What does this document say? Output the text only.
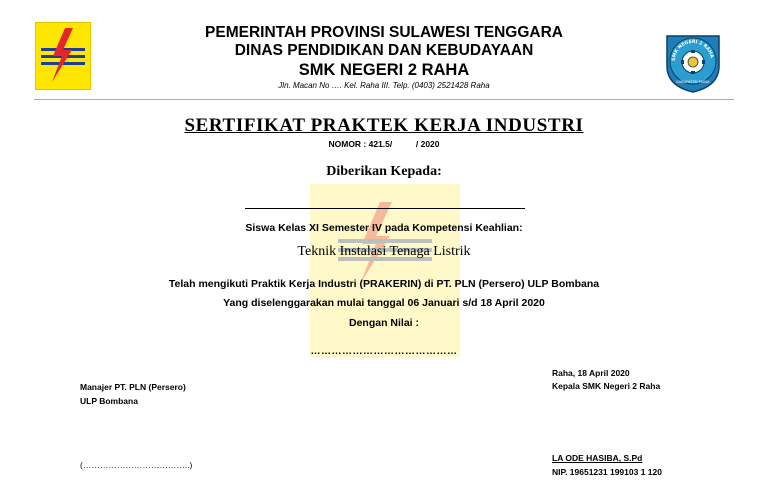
SMK NEGERI 2 RAHA
KABUPATEN MUNA
PEMERINTAH PROVINSI SULAWESI TENGGARA
DINAS PENDIDIKAN DAN KEBUDAYAAN
SMK NEGERI 2 RAHA
Jln. Macan No …. Kel. Raha III. Telp. (0403) 2521428 Raha
SERTIFIKAT PRAKTEK KERJA INDUSTRI
NOMOR : 421.5/          / 2020
Diberikan Kepada:
Siswa Kelas XI Semester IV pada Kompetensi Keahlian:
Teknik Instalasi Tenaga Listrik
Telah mengikuti Praktik Kerja Industri (PRAKERIN) di PT. PLN (Persero) ULP Bombana
Yang diselenggarakan mulai tanggal 06 Januari s/d 18 April 2020
Dengan Nilai :
……………………………………
Raha, 18 April 2020
Kepala SMK Negeri 2 Raha
Manajer PT. PLN (Persero)
ULP Bombana
LA ODE HASIBA, S.Pd
NIP. 19651231 199103 1 120
(………………………………..)
